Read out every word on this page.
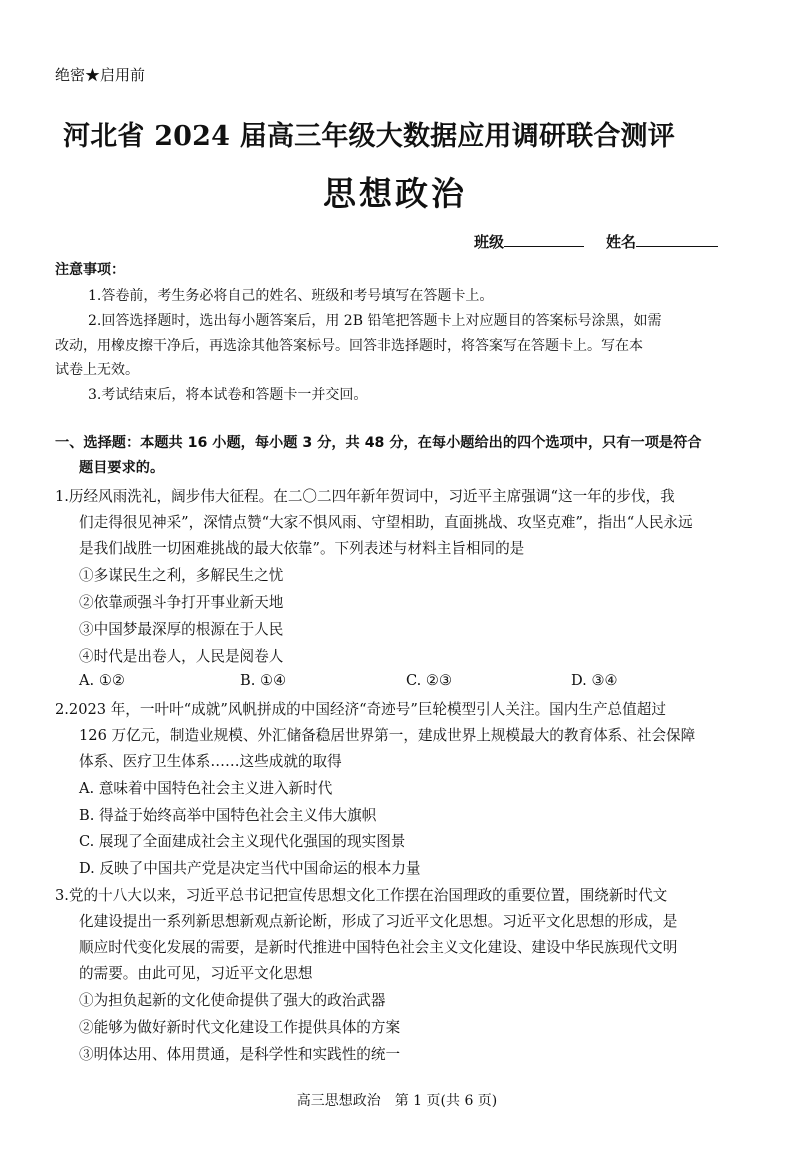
绝密★启用前
河北省 2024 届高三年级大数据应用调研联合测评
思想政治
班级	姓名
注意事项：
1.答卷前，考生务必将自己的姓名、班级和考号填写在答题卡上。
2.回答选择题时，选出每小题答案后，用 2B 铅笔把答题卡上对应题目的答案标号涂黑，如需
改动，用橡皮擦干净后，再选涂其他答案标号。回答非选择题时，将答案写在答题卡上。写在本
试卷上无效。
3.考试结束后，将本试卷和答题卡一并交回。
一、选择题：本题共 16 小题，每小题 3 分，共 48 分，在每小题给出的四个选项中，只有一项是符合
题目要求的。
1.历经风雨洗礼，阔步伟大征程。在二〇二四年新年贺词中，习近平主席强调“这一年的步伐，我
们走得很见神采”，深情点赞“大家不惧风雨、守望相助，直面挑战、攻坚克难”，指出“人民永远
是我们战胜一切困难挑战的最大依靠”。下列表述与材料主旨相同的是
①多谋民生之利，多解民生之忧
②依靠顽强斗争打开事业新天地
③中国梦最深厚的根源在于人民
④时代是出卷人，人民是阅卷人
A. ①②	B. ①④	C. ②③	D. ③④
2.2023 年，一叶叶“成就”风帆拼成的中国经济“奇迹号”巨轮模型引人关注。国内生产总值超过
126 万亿元，制造业规模、外汇储备稳居世界第一，建成世界上规模最大的教育体系、社会保障
体系、医疗卫生体系……这些成就的取得
A. 意味着中国特色社会主义进入新时代
B. 得益于始终高举中国特色社会主义伟大旗帜
C. 展现了全面建成社会主义现代化强国的现实图景
D. 反映了中国共产党是决定当代中国命运的根本力量
3.党的十八大以来，习近平总书记把宣传思想文化工作摆在治国理政的重要位置，围绕新时代文
化建设提出一系列新思想新观点新论断，形成了习近平文化思想。习近平文化思想的形成，是
顺应时代变化发展的需要，是新时代推进中国特色社会主义文化建设、建设中华民族现代文明
的需要。由此可见，习近平文化思想
①为担负起新的文化使命提供了强大的政治武器
②能够为做好新时代文化建设工作提供具体的方案
③明体达用、体用贯通，是科学性和实践性的统一
高三思想政治　第 1 页(共 6 页)
